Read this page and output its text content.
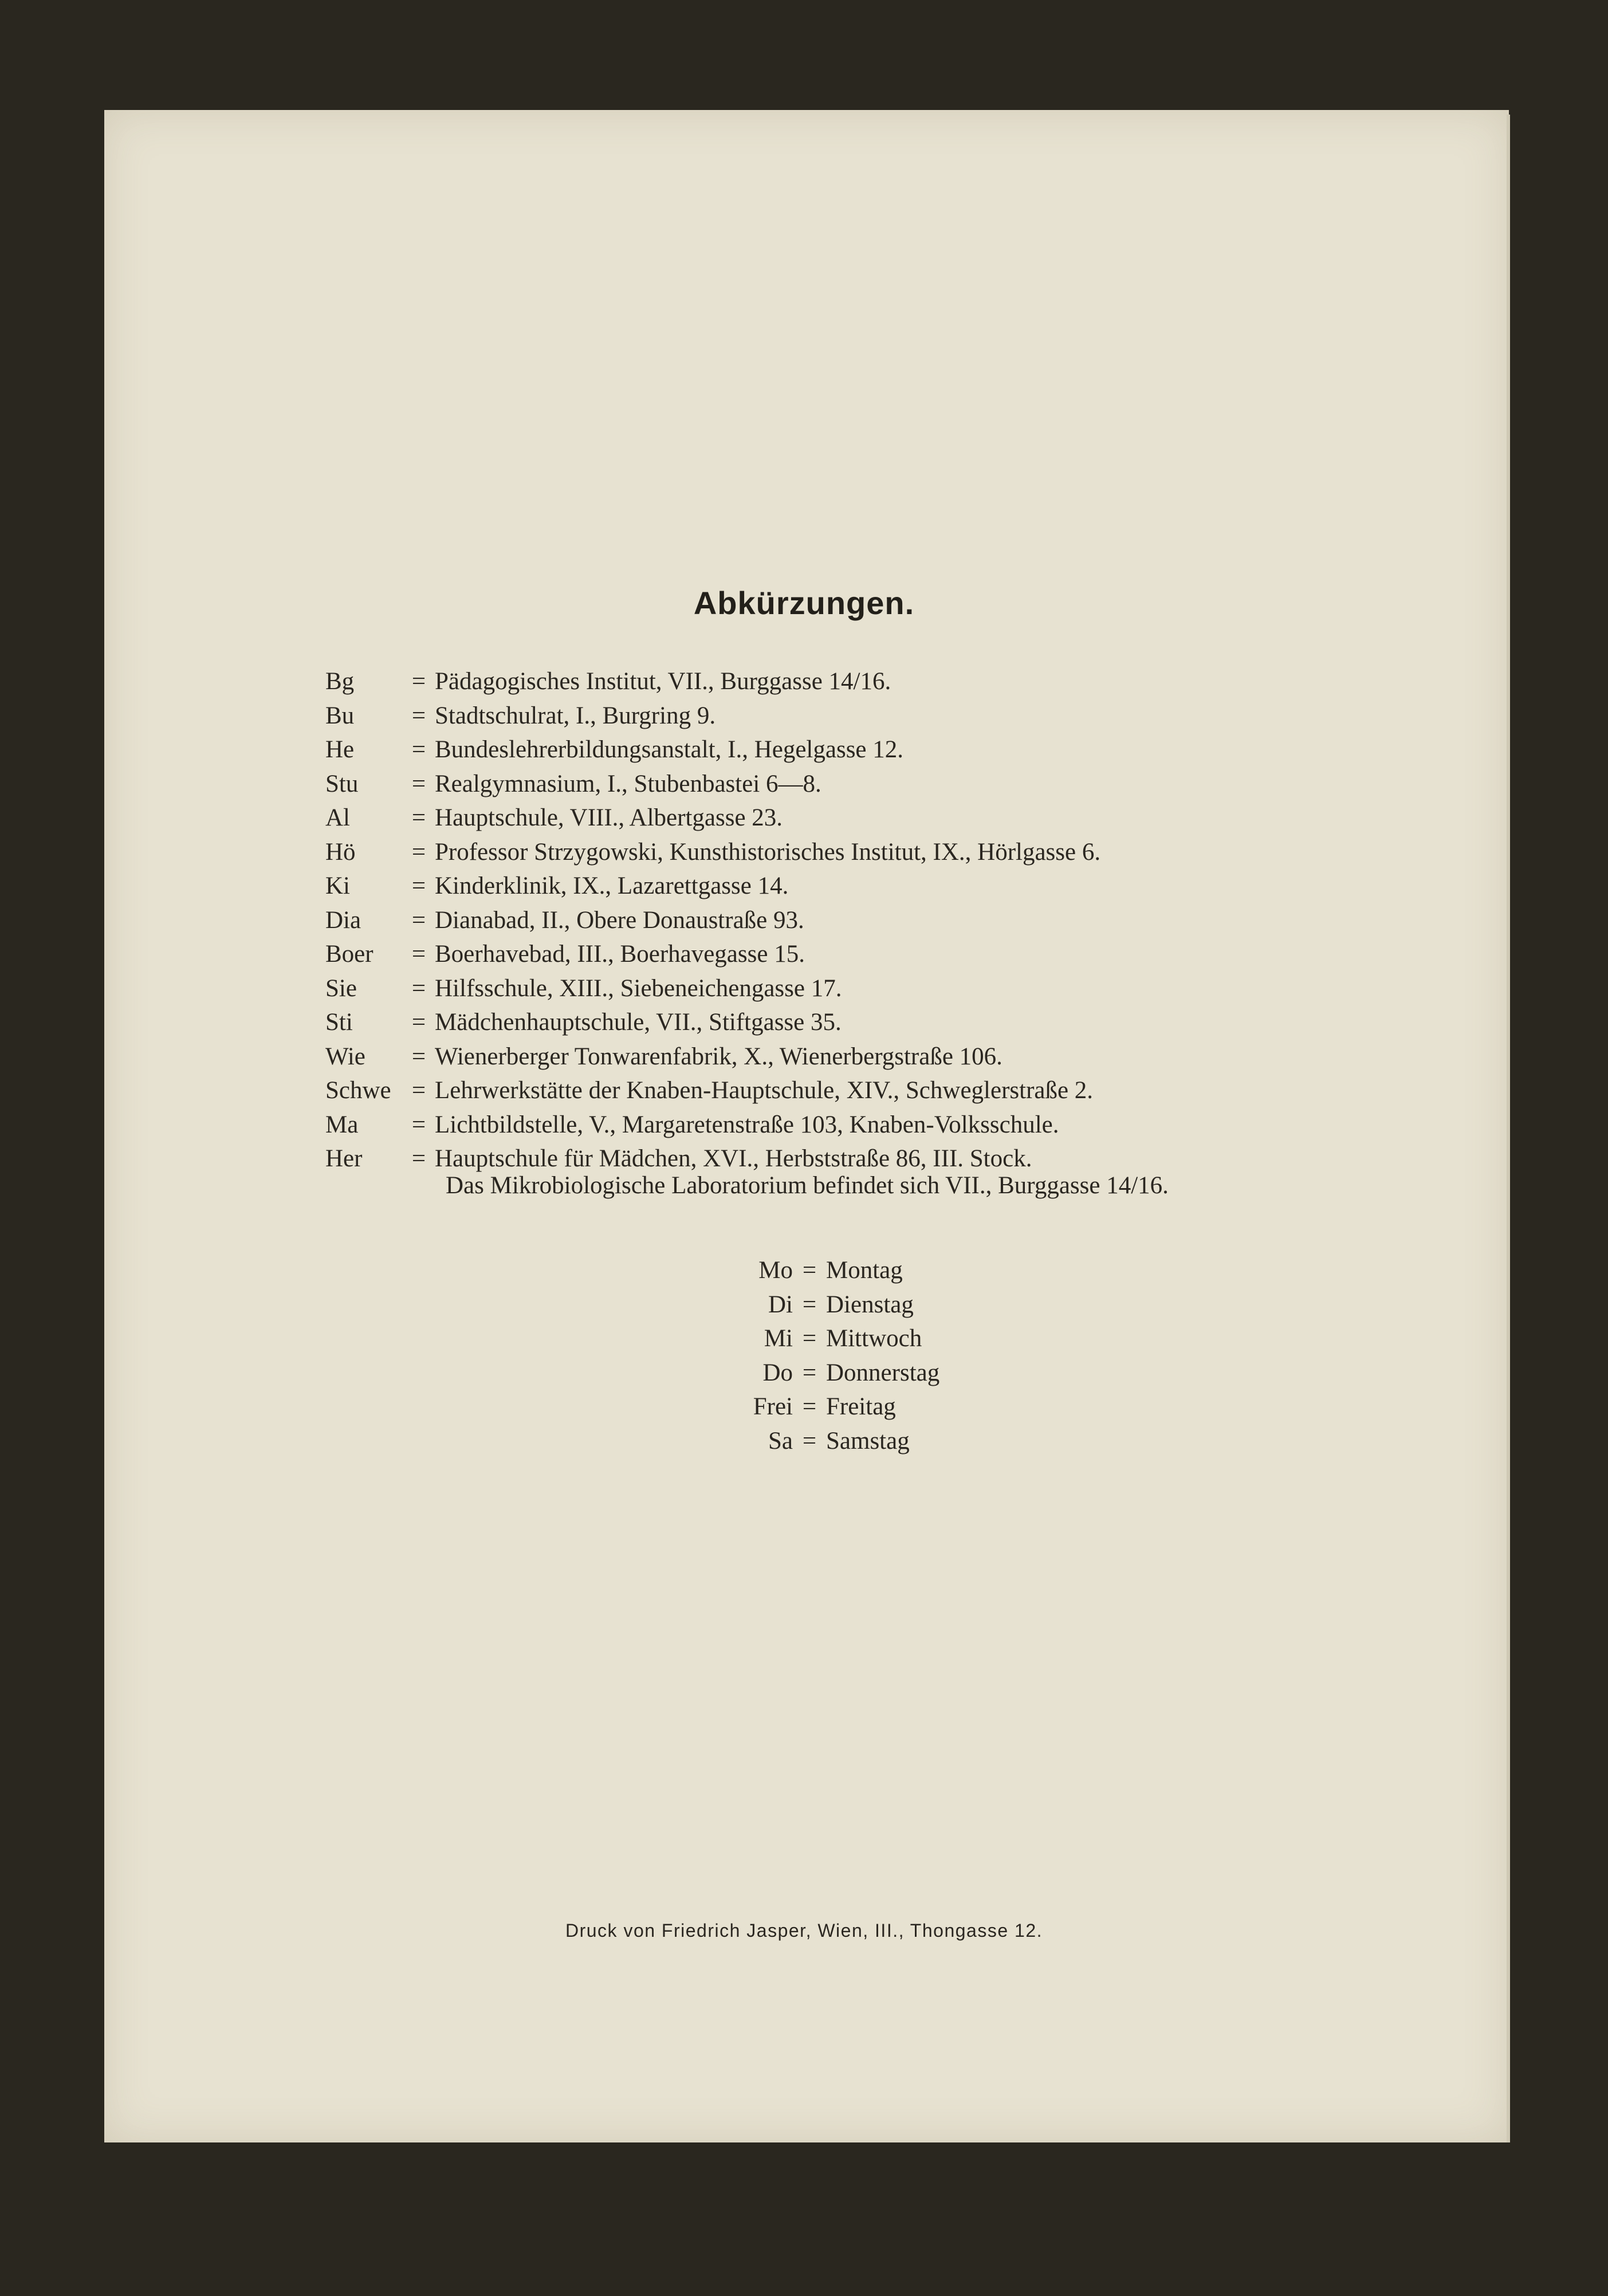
Abkürzungen.
Bg = Pädagogisches Institut, VII., Burggasse 14/16.
Bu = Stadtschulrat, I., Burgring 9.
He = Bundeslehrerbildungsanstalt, I., Hegelgasse 12.
Stu = Realgymnasium, I., Stubenbastei 6—8.
Al	= Hauptschule, VIII., Albertgasse 23.
Hö = Professor Strzygowski, Kunsthistorisches Institut, IX., Hörlgasse 6.
Ki	= Kinderklinik, IX., Lazarettgasse 14.
Dia = Dianabad, II., Obere Donaustraße 93.
Boer = Boerhavebad, III., Boerhavegasse 15.
Sie = Hilfsschule, XIII., Siebeneichengasse 17.
Sti = Mädchenhauptschule, VII., Stiftgasse 35.
Wie = Wienerberger Tonwarenfabrik, X., Wienerbergstraße 106.
Schwe = Lehrwerkstätte der Knaben-Hauptschule, XIV., Schweglerstraße 2.
Ma = Lichtbildstelle, V., Margaretenstraße 103, Knaben-Volksschule.
Her = Hauptschule für Mädchen, XVI., Herbststraße 86, III. Stock.
Das Mikrobiologische Laboratorium befindet sich VII., Burggasse 14/16.
Mo = Montag
Di = Dienstag
Mi = Mittwoch
Do = Donnerstag
Frei = Freitag
Sa = Samstag
Druck von Friedrich Jasper, Wien, III., Thongasse 12.
